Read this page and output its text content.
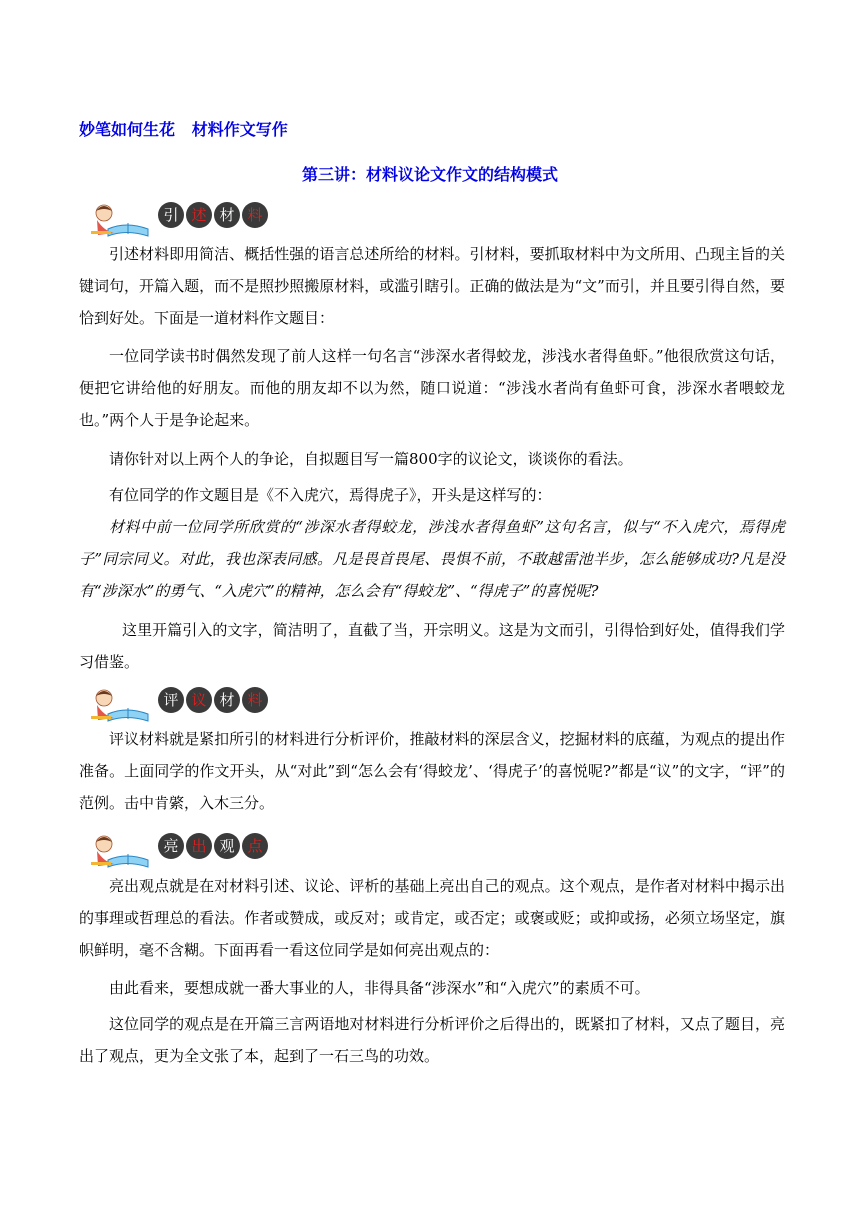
妙笔如何生花   材料作文写作
第三讲：材料议论文作文的结构模式
引 述 材 料

引述材料即用简洁、概括性强的语言总述所给的材料。引材料，要抓取材料中为文所用、凸现主旨的关键词句，开篇入题，而不是照抄照搬原材料，或滥引瞎引。正确的做法是为“文”而引，并且要引得自然，要恰到好处。下面是一道材料作文题目：

一位同学读书时偶然发现了前人这样一句名言“涉深水者得蛟龙，涉浅水者得鱼虾。”他很欣赏这句话，便把它讲给他的好朋友。而他的朋友却不以为然，随口说道：“涉浅水者尚有鱼虾可食，涉深水者喂蛟龙也。”两个人于是争论起来。

请你针对以上两个人的争论，自拟题目写一篇800字的议论文，谈谈你的看法。

有位同学的作文题目是《不入虎穴，焉得虎子》，开头是这样写的：

材料中前一位同学所欣赏的“涉深水者得蛟龙，涉浅水者得鱼虾”这句名言，似与“不入虎穴，焉得虎子”同宗同义。对此，我也深表同感。凡是畏首畏尾、畏惧不前，不敢越雷池半步，怎么能够成功?凡是没有“涉深水”的勇气、“入虎穴”的精神，怎么会有“得蛟龙”、“得虎子”的喜悦呢?

这里开篇引入的文字，简洁明了，直截了当，开宗明义。这是为文而引，引得恰到好处，值得我们学习借鉴。

评 议 材 料

评议材料就是紧扣所引的材料进行分析评价，推敲材料的深层含义，挖掘材料的底蕴，为观点的提出作准备。上面同学的作文开头，从“对此”到“怎么会有‘得蛟龙’、‘得虎子’的喜悦呢?”都是“议”的文字，“评”的范例。击中肯綮，入木三分。

亮 出 观 点

亮出观点就是在对材料引述、议论、评析的基础上亮出自己的观点。这个观点，是作者对材料中揭示出的事理或哲理总的看法。作者或赞成，或反对；或肯定，或否定；或褒或贬；或抑或扬，必须立场坚定，旗帜鲜明，毫不含糊。下面再看一看这位同学是如何亮出观点的：

由此看来，要想成就一番大事业的人，非得具备“涉深水”和“入虎穴”的素质不可。

这位同学的观点是在开篇三言两语地对材料进行分析评价之后得出的，既紧扣了材料，又点了题目，亮出了观点，更为全文张了本，起到了一石三鸟的功效。
